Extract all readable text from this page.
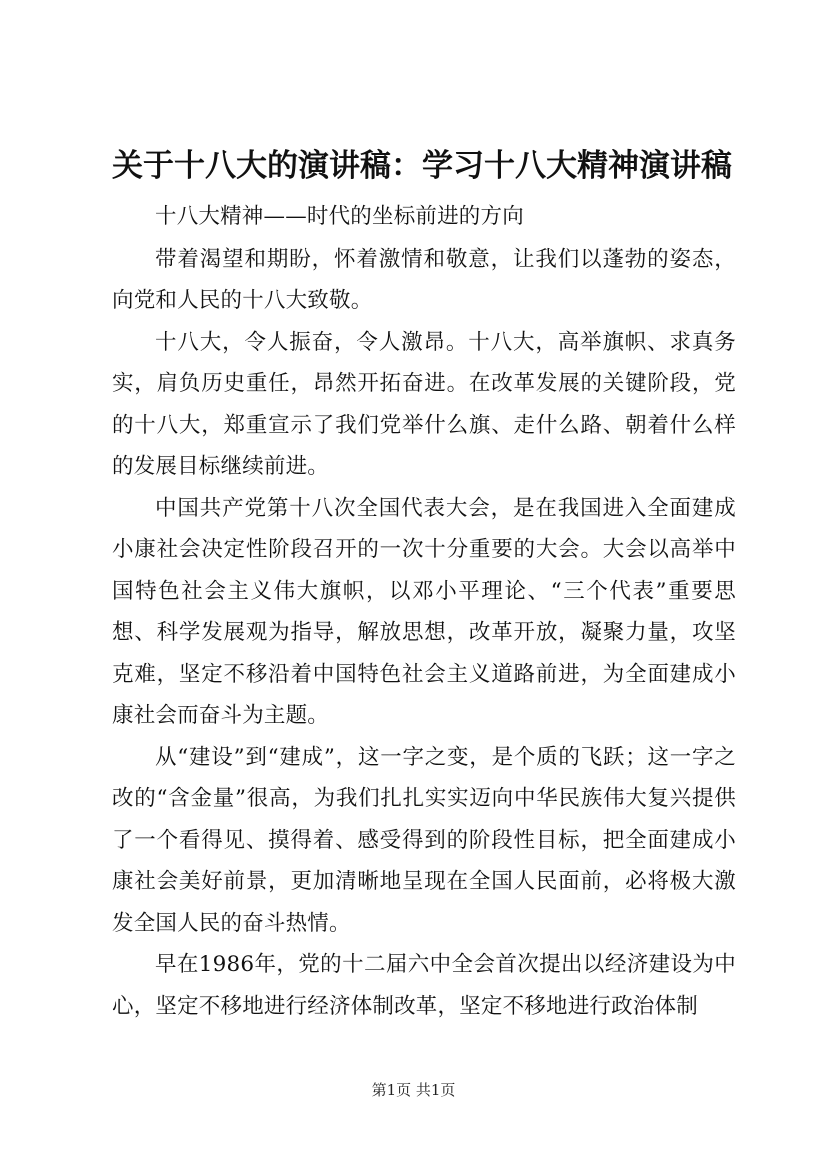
关于十八大的演讲稿：学习十八大精神演讲稿

十八大精神——时代的坐标前进的方向

带着渴望和期盼，怀着激情和敬意，让我们以蓬勃的姿态，向党和人民的十八大致敬。

十八大，令人振奋，令人激昂。十八大，高举旗帜、求真务实，肩负历史重任，昂然开拓奋进。在改革发展的关键阶段，党的十八大，郑重宣示了我们党举什么旗、走什么路、朝着什么样的发展目标继续前进。

中国共产党第十八次全国代表大会，是在我国进入全面建成小康社会决定性阶段召开的一次十分重要的大会。大会以高举中国特色社会主义伟大旗帜，以邓小平理论、“三个代表”重要思想、科学发展观为指导，解放思想，改革开放，凝聚力量，攻坚克难，坚定不移沿着中国特色社会主义道路前进，为全面建成小康社会而奋斗为主题。

从“建设”到“建成”，这一字之变，是个质的飞跃；这一字之改的“含金量”很高，为我们扎扎实实迈向中华民族伟大复兴提供了一个看得见、摸得着、感受得到的阶段性目标，把全面建成小康社会美好前景，更加清晰地呈现在全国人民面前，必将极大激发全国人民的奋斗热情。

早在1986年，党的十二届六中全会首次提出以经济建设为中心，坚定不移地进行经济体制改革，坚定不移地进行政治体制

第1页 共1页
